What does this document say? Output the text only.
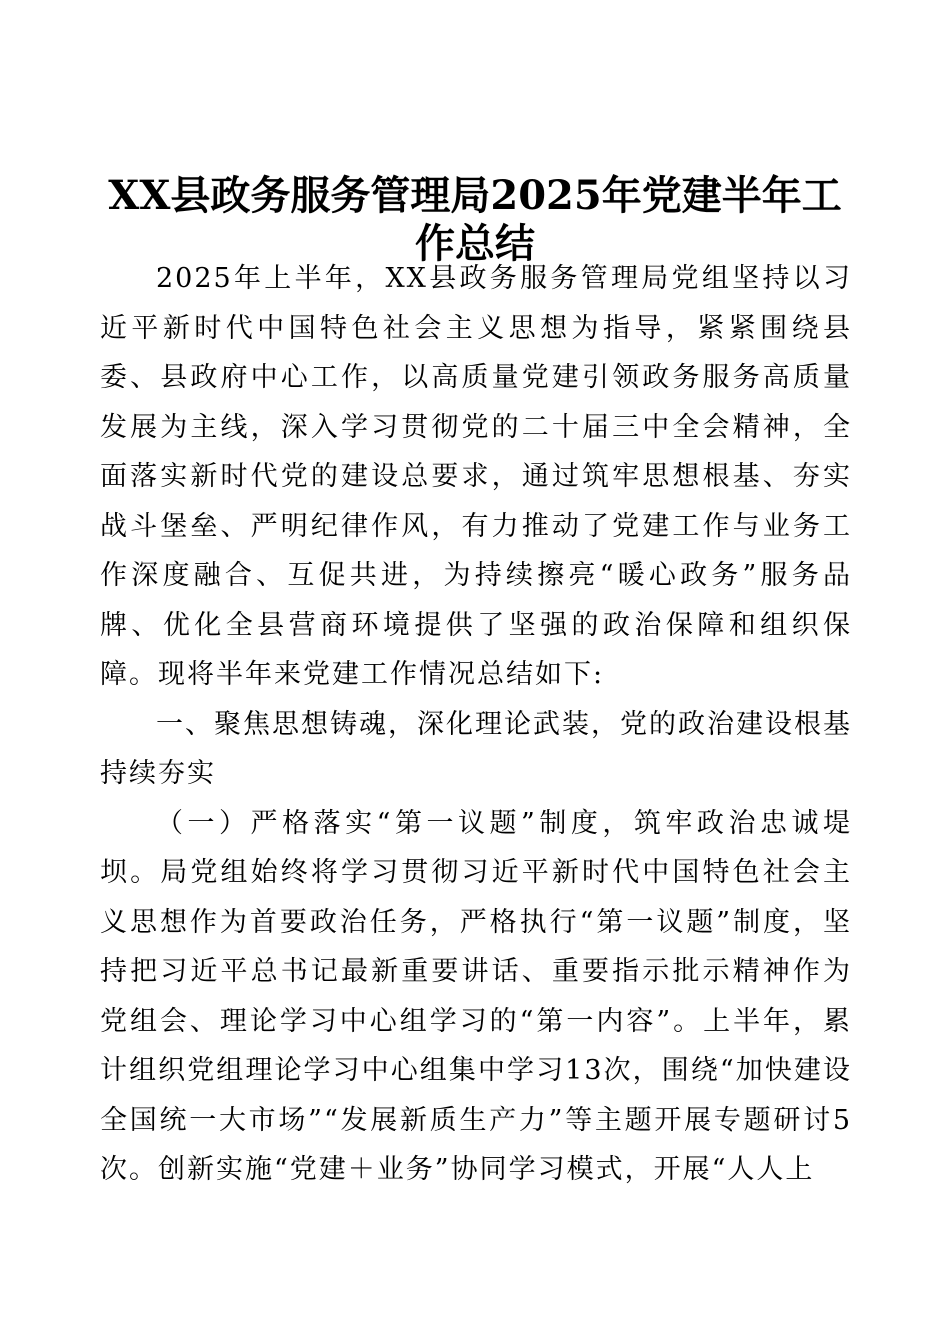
XX县政务服务管理局2025年党建半年工作总结

2025年上半年，XX县政务服务管理局党组坚持以习近平新时代中国特色社会主义思想为指导，紧紧围绕县委、县政府中心工作，以高质量党建引领政务服务高质量发展为主线，深入学习贯彻党的二十届三中全会精神，全面落实新时代党的建设总要求，通过筑牢思想根基、夯实战斗堡垒、严明纪律作风，有力推动了党建工作与业务工作深度融合、互促共进，为持续擦亮“暖心政务”服务品牌、优化全县营商环境提供了坚强的政治保障和组织保障。现将半年来党建工作情况总结如下:

一、聚焦思想铸魂，深化理论武装，党的政治建设根基持续夯实

（一）严格落实“第一议题”制度，筑牢政治忠诚堤坝。局党组始终将学习贯彻习近平新时代中国特色社会主义思想作为首要政治任务，严格执行“第一议题”制度，坚持把习近平总书记最新重要讲话、重要指示批示精神作为党组会、理论学习中心组学习的“第一内容”。上半年，累计组织党组理论学习中心组集中学习13次，围绕“加快建设全国统一大市场”“发展新质生产力”等主题开展专题研讨5次。创新实施“党建＋业务”协同学习模式，开展“人人上
